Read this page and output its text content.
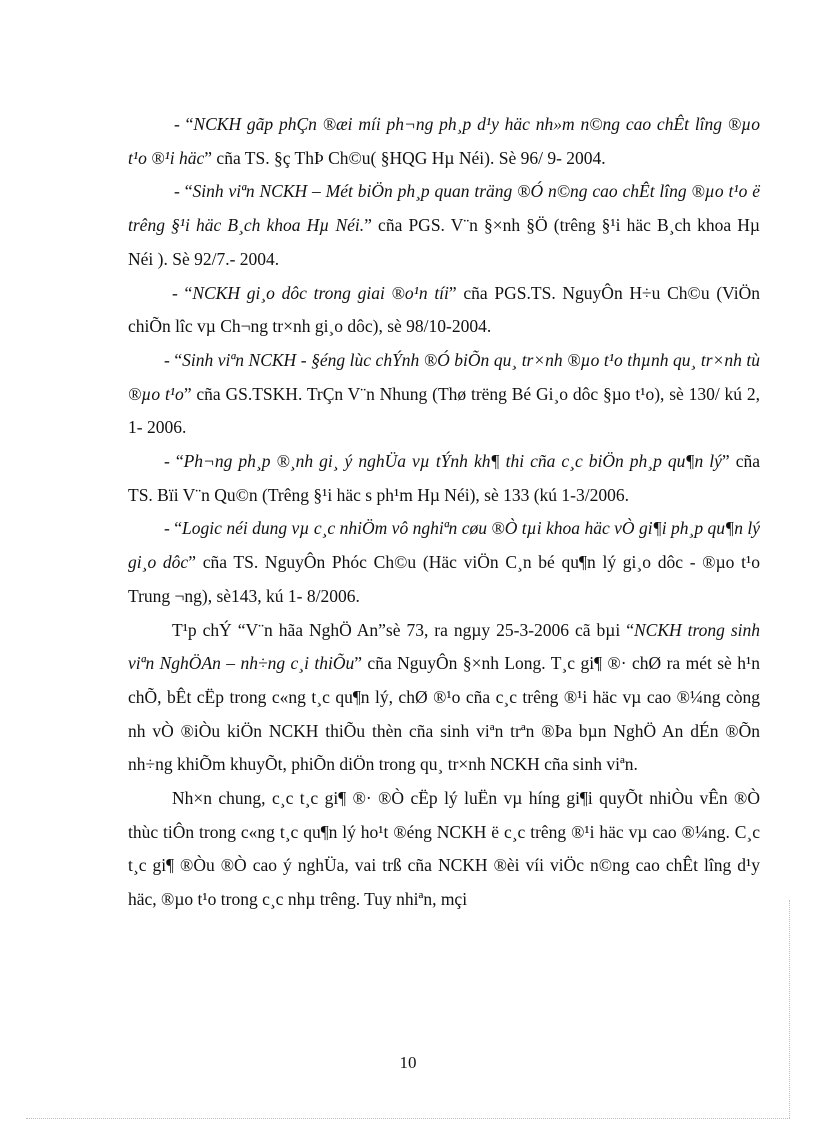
- “NCKH gãp phÇn ®æi míi ph¬ng ph¸p d¹y häc nh»m n©ng cao chÊt lîng ®µo t¹o ®¹i häc” cña TS. §ç ThÞ Ch©u( §HQG Hµ Néi). Sè 96/ 9- 2004.

- “Sinh viªn NCKH – Mét biÖn ph¸p quan träng ®Ó n©ng cao chÊt lîng ®µo t¹o ë trêng §¹i häc B¸ch khoa Hµ Néi.” cña PGS. V¨n §×nh §Ö (trêng §¹i häc B¸ch khoa Hµ Néi ). Sè 92/7.- 2004.

- “NCKH gi¸o dôc trong giai ®o¹n tíi” cña PGS.TS. NguyÔn H÷u Ch©u (ViÖn chiÕn lîc vµ Ch¬ng tr×nh gi¸o dôc), sè 98/10-2004.

- “Sinh viªn NCKH - §éng lùc chÝnh ®Ó biÕn qu¸ tr×nh ®µo t¹o thµnh qu¸ tr×nh tù ®µo t¹o” cña GS.TSKH. TrÇn V¨n Nhung (Thø trëng Bé Gi¸o dôc §µo t¹o), sè 130/ kú 2, 1- 2006.

- “Ph¬ng ph¸p ®¸nh gi¸ ý nghÜa vµ tÝnh kh¶ thi cña c¸c biÖn ph¸p qu¶n lý” cña TS. Bïi V¨n Qu©n (Trêng §¹i häc s ph¹m Hµ Néi), sè 133 (kú 1-3/2006.

- “Logic néi dung vµ c¸c nhiÖm vô nghiªn cøu ®Ò tµi khoa häc vÒ gi¶i ph¸p qu¶n lý gi¸o dôc” cña TS. NguyÔn Phóc Ch©u (Häc viÖn C¸n bé qu¶n lý gi¸o dôc - ®µo t¹o Trung ¬ng), sè143, kú 1- 8/2006.

T¹p chÝ “V¨n hãa NghÖ An”sè 73, ra ngµy 25-3-2006 cã bµi “NCKH trong sinh viªn NghÖAn – nh÷ng c¸i thiÕu” cña NguyÔn §×nh Long. T¸c gi¶ ®· chØ ra mét sè h¹n chÕ, bÊt cËp trong c«ng t¸c qu¶n lý, chØ ®¹o cña c¸c trêng ®¹i häc vµ cao ®¼ng còng nh vÒ ®iÒu kiÖn NCKH thiÕu thèn cña sinh viªn trªn ®Þa bµn NghÖ An dÉn ®Õn nh÷ng khiÕm khuyÕt, phiÕn diÖn trong qu¸ tr×nh NCKH cña sinh viªn.

Nh×n chung, c¸c t¸c gi¶ ®· ®Ò cËp lý luËn vµ híng gi¶i quyÕt nhiÒu vÊn ®Ò thùc tiÔn trong c«ng t¸c qu¶n lý ho¹t ®éng NCKH ë c¸c trêng ®¹i häc vµ cao ®¼ng. C¸c t¸c gi¶ ®Òu ®Ò cao ý nghÜa, vai trß cña NCKH ®èi víi viÖc n©ng cao chÊt lîng d¹y häc, ®µo t¹o trong c¸c nhµ trêng. Tuy nhiªn, mçi

10
